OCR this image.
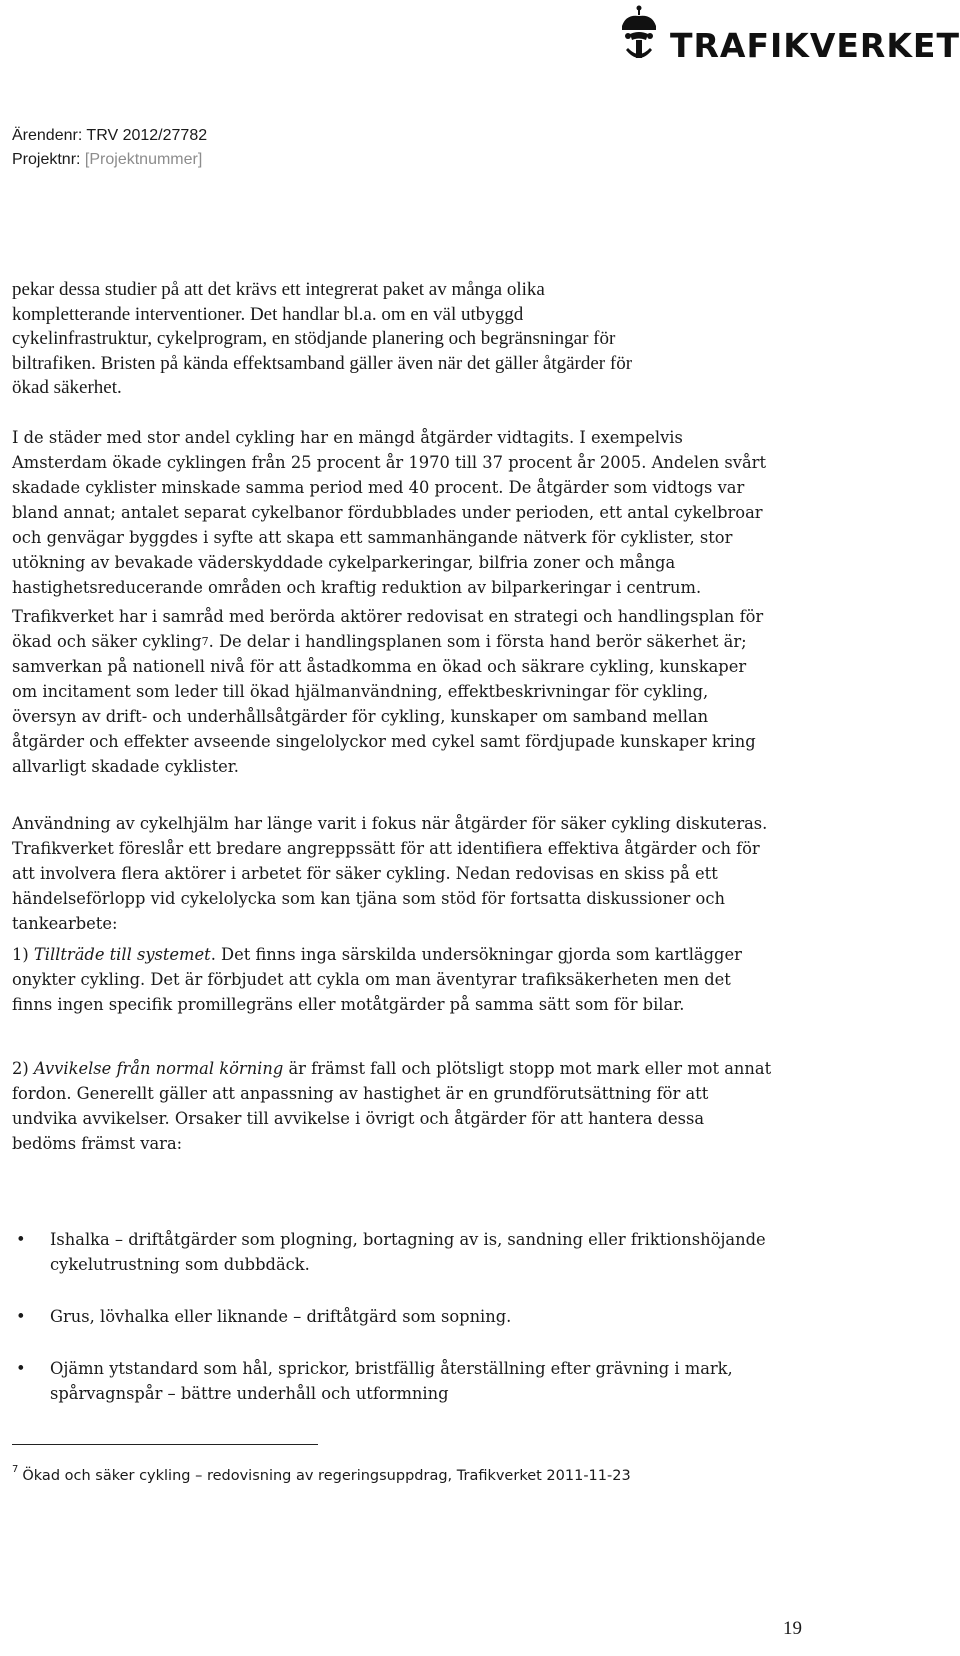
TRAFIKVERKET
Ärendenr: TRV 2012/27782
Projektnr: [Projektnummer]
pekar dessa studier på att det krävs ett integrerat paket av många olika
kompletterande interventioner. Det handlar bl.a. om en väl utbyggd
cykelinfrastruktur, cykelprogram, en stödjande planering och begränsningar för
biltrafiken. Bristen på kända effektsamband gäller även när det gäller åtgärder för
ökad säkerhet.

I de städer med stor andel cykling har en mängd åtgärder vidtagits. I exempelvis Amsterdam ökade cyklingen från 25 procent år 1970 till 37 procent år 2005. Andelen svårt skadade cyklister minskade samma period med 40 procent. De åtgärder som vidtogs var bland annat; antalet separat cykelbanor fördubblades under perioden, ett antal cykelbroar och genvägar byggdes i syfte att skapa ett sammanhängande nätverk för cyklister, stor utökning av bevakade väderskyddade cykelparkeringar, bilfria zoner och många hastighetsreducerande områden och kraftig reduktion av bilparkeringar i centrum.

Trafikverket har i samråd med berörda aktörer redovisat en strategi och handlingsplan för ökad och säker cykling$^7$. De delar i handlingsplanen som i första hand berör säkerhet är; samverkan på nationell nivå för att åstadkomma en ökad och säkrare cykling, kunskaper om incitament som leder till ökad hjälmanvändning, effektbeskrivningar för cykling, översyn av drift- och underhållsåtgärder för cykling, kunskaper om samband mellan åtgärder och effekter avseende singelolyckor med cykel samt fördjupade kunskaper kring allvarligt skadade cyklister.

Användning av cykelhjälm har länge varit i fokus när åtgärder för säker cykling diskuteras. Trafikverket föreslår ett bredare angreppssätt för att identifiera effektiva åtgärder och för att involvera flera aktörer i arbetet för säker cykling. Nedan redovisas en skiss på ett händelseförlopp vid cykelolycka som kan tjäna som stöd för fortsatta diskussioner och tankearbete:

1) Tillträde till systemet. Det finns inga särskilda undersökningar gjorda som kartlägger onykter cykling. Det är förbjudet att cykla om man äventyrar trafiksäkerheten men det finns ingen specifik promillegräns eller motåtgärder på samma sätt som för bilar.

2) Avvikelse från normal körning är främst fall och plötsligt stopp mot mark eller mot annat fordon. Generellt gäller att anpassning av hastighet är en grundförutsättning för att undvika avvikelser. Orsaker till avvikelse i övrigt och åtgärder för att hantera dessa bedöms främst vara:

• Ishalka – driftåtgärder som plogning, bortagning av is, sandning eller friktionshöjande cykelutrustning som dubbdäck.
• Grus, lövhalka eller liknande – driftåtgärd som sopning.
• Ojämn ytstandard som hål, sprickor, bristfällig återställning efter grävning i mark, spårvagnspår – bättre underhåll och utformning
$^7$ Ökad och säker cykling – redovisning av regeringsuppdrag, Trafikverket 2011-11-23
19
